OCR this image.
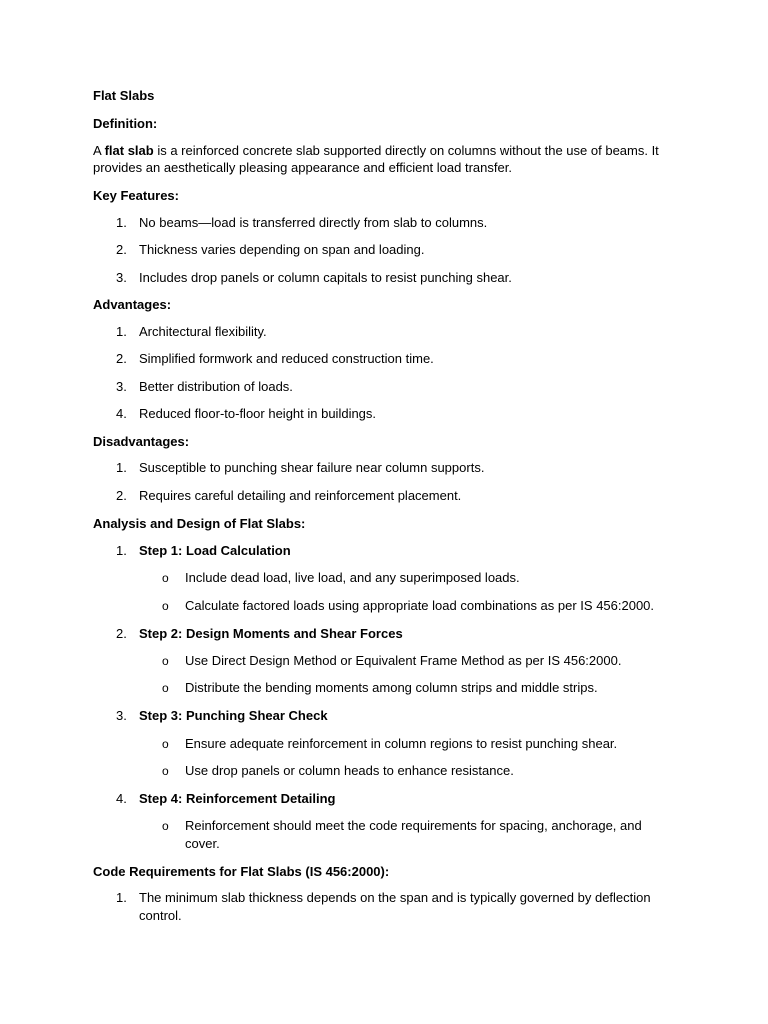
Flat Slabs
Definition:
A flat slab is a reinforced concrete slab supported directly on columns without the use of beams. It
provides an aesthetically pleasing appearance and efficient load transfer.
Key Features:
1. No beams—load is transferred directly from slab to columns.
2. Thickness varies depending on span and loading.
3. Includes drop panels or column capitals to resist punching shear.
Advantages:
1. Architectural flexibility.
2. Simplified formwork and reduced construction time.
3. Better distribution of loads.
4. Reduced floor-to-floor height in buildings.
Disadvantages:
1. Susceptible to punching shear failure near column supports.
2. Requires careful detailing and reinforcement placement.
Analysis and Design of Flat Slabs:
1. Step 1: Load Calculation
o Include dead load, live load, and any superimposed loads.
o Calculate factored loads using appropriate load combinations as per IS 456:2000.
2. Step 2: Design Moments and Shear Forces
o Use Direct Design Method or Equivalent Frame Method as per IS 456:2000.
o Distribute the bending moments among column strips and middle strips.
3. Step 3: Punching Shear Check
o Ensure adequate reinforcement in column regions to resist punching shear.
o Use drop panels or column heads to enhance resistance.
4. Step 4: Reinforcement Detailing
o Reinforcement should meet the code requirements for spacing, anchorage, and
cover.
Code Requirements for Flat Slabs (IS 456:2000):
1. The minimum slab thickness depends on the span and is typically governed by deflection
control.
